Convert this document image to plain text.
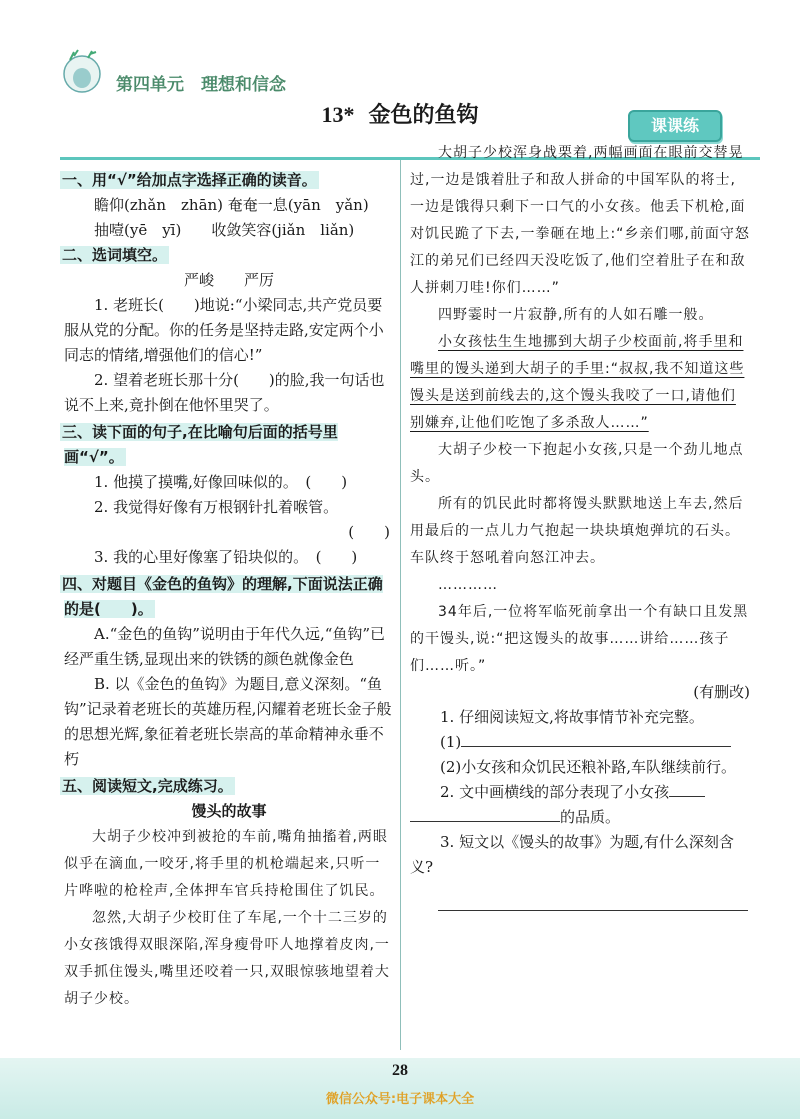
第四单元　理想和信念
13* 金色的鱼钩	课课练

一、用“√”给加点字选择正确的读音。

瞻仰(zhǎn　zhān) 奄奄一息(yān　yǎn)

抽噎(yē　yī)　　收敛笑容(jiǎn　liǎn)

二、选词填空。

严峻　　严厉

1. 老班长(　　)地说:“小梁同志,共产党员要服从党的分配。你的任务是坚持走路,安定两个小同志的情绪,增强他们的信心!”

2. 望着老班长那十分(　　)的脸,我一句话也说不上来,竟扑倒在他怀里哭了。

三、读下面的句子,在比喻句后面的括号里画“√”。

1. 他摸了摸嘴,好像回味似的。　(　　)

2. 我觉得好像有万根钢针扎着喉管。

(　　)

3. 我的心里好像塞了铅块似的。　(　　)

四、对题目《金色的鱼钩》的理解,下面说法正确的是(　　)。

A.“金色的鱼钩”说明由于年代久远,“鱼钩”已经严重生锈,显现出来的铁锈的颜色就像金色

B. 以《金色的鱼钩》为题目,意义深刻。“鱼钩”记录着老班长的英雄历程,闪耀着老班长金子般的思想光辉,象征着老班长崇高的革命精神永垂不朽

五、阅读短文,完成练习。

馒头的故事

大胡子少校冲到被抢的车前,嘴角抽搐着,两眼似乎在滴血,一咬牙,将手里的机枪端起来,只听一片哗啦的枪栓声,全体押车官兵持枪围住了饥民。

忽然,大胡子少校盯住了车尾,一个十二三岁的小女孩饿得双眼深陷,浑身瘦骨吓人地撑着皮肉,一双手抓住馒头,嘴里还咬着一只,双眼惊骇地望着大胡子少校。

大胡子少校浑身战栗着,两幅画面在眼前交替晃过,一边是饿着肚子和敌人拼命的中国军队的将士,一边是饿得只剩下一口气的小女孩。他丢下机枪,面对饥民跪了下去,一拳砸在地上:“乡亲们哪,前面守怒江的弟兄们已经四天没吃饭了,他们空着肚子在和敌人拼刺刀哇!你们……”

四野霎时一片寂静,所有的人如石雕一般。

小女孩怯生生地挪到大胡子少校面前,将手里和嘴里的馒头递到大胡子的手里:“叔叔,我不知道这些馒头是送到前线去的,这个馒头我咬了一口,请他们别嫌弃,让他们吃饱了多杀敌人……”

大胡子少校一下抱起小女孩,只是一个劲儿地点头。

所有的饥民此时都将馒头默默地送上车去,然后用最后的一点儿力气抱起一块块填炮弹坑的石头。车队终于怒吼着向怒江冲去。

…………

34年后,一位将军临死前拿出一个有缺口且发黑的干馒头,说:“把这馒头的故事……讲给……孩子们……听。”

(有删改)

1. 仔细阅读短文,将故事情节补充完整。

(1)

(2)小女孩和众饥民还粮补路,车队继续前行。

2. 文中画横线的部分表现了小女孩

的品质。

3. 短文以《馒头的故事》为题,有什么深刻含义?

28
微信公众号:电子课本大全
